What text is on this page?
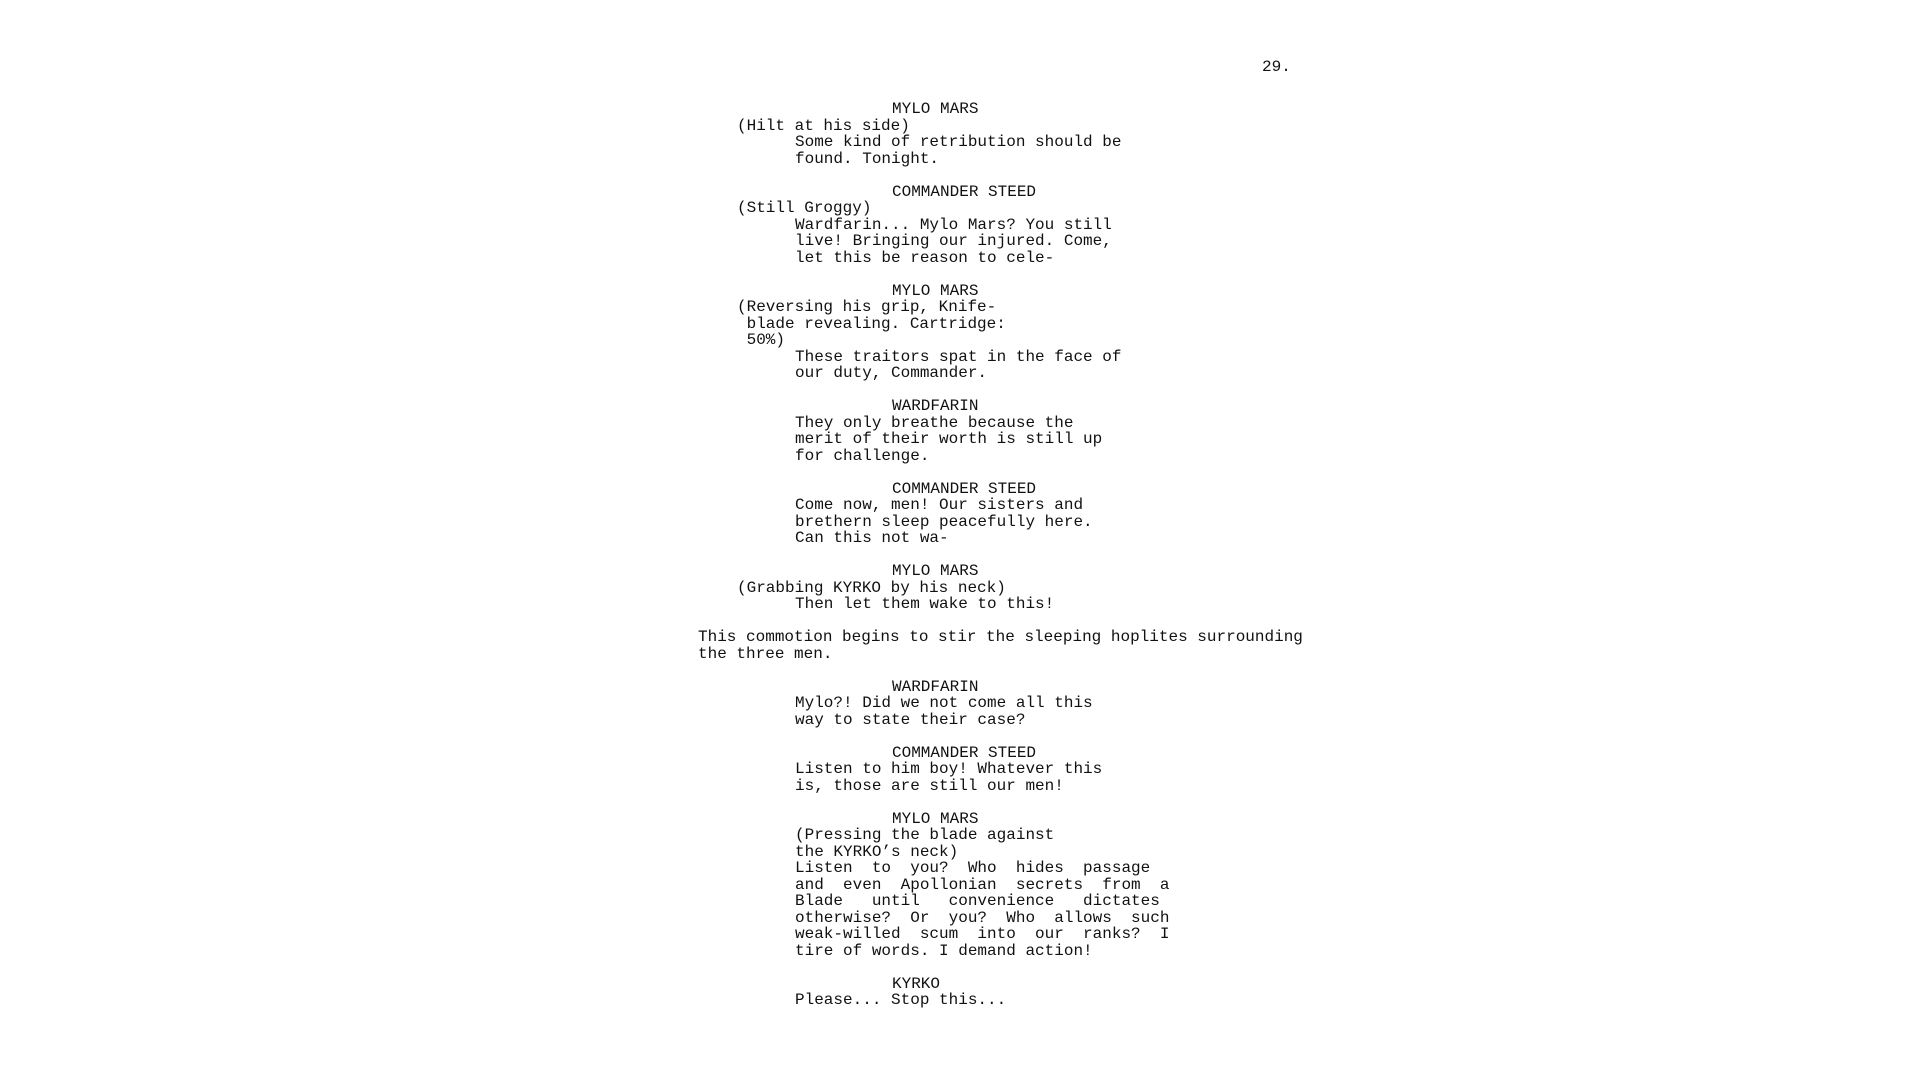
29.
MYLO MARS
(Hilt at his side)
Some kind of retribution should be
found. Tonight.
COMMANDER STEED
(Still Groggy)
Wardfarin... Mylo Mars? You still
live! Bringing our injured. Come,
let this be reason to cele-
MYLO MARS
(Reversing his grip, Knife-
blade revealing. Cartridge:
50%)
These traitors spat in the face of
our duty, Commander.
WARDFARIN
They only breathe because the
merit of their worth is still up
for challenge.
COMMANDER STEED
Come now, men! Our sisters and
brethern sleep peacefully here.
Can this not wa-
MYLO MARS
(Grabbing KYRKO by his neck)
Then let them wake to this!
This commotion begins to stir the sleeping hoplites surrounding
the three men.
WARDFARIN
Mylo?! Did we not come all this
way to state their case?
COMMANDER STEED
Listen to him boy! Whatever this
is, those are still our men!
MYLO MARS
(Pressing the blade against
the KYRKO’s neck)
Listen  to  you?  Who  hides  passage
and  even  Apollonian  secrets  from  a
Blade   until   convenience   dictates
otherwise?  Or  you?  Who  allows  such
weak-willed  scum  into  our  ranks?  I
tire of words. I demand action!
KYRKO
Please... Stop this...
